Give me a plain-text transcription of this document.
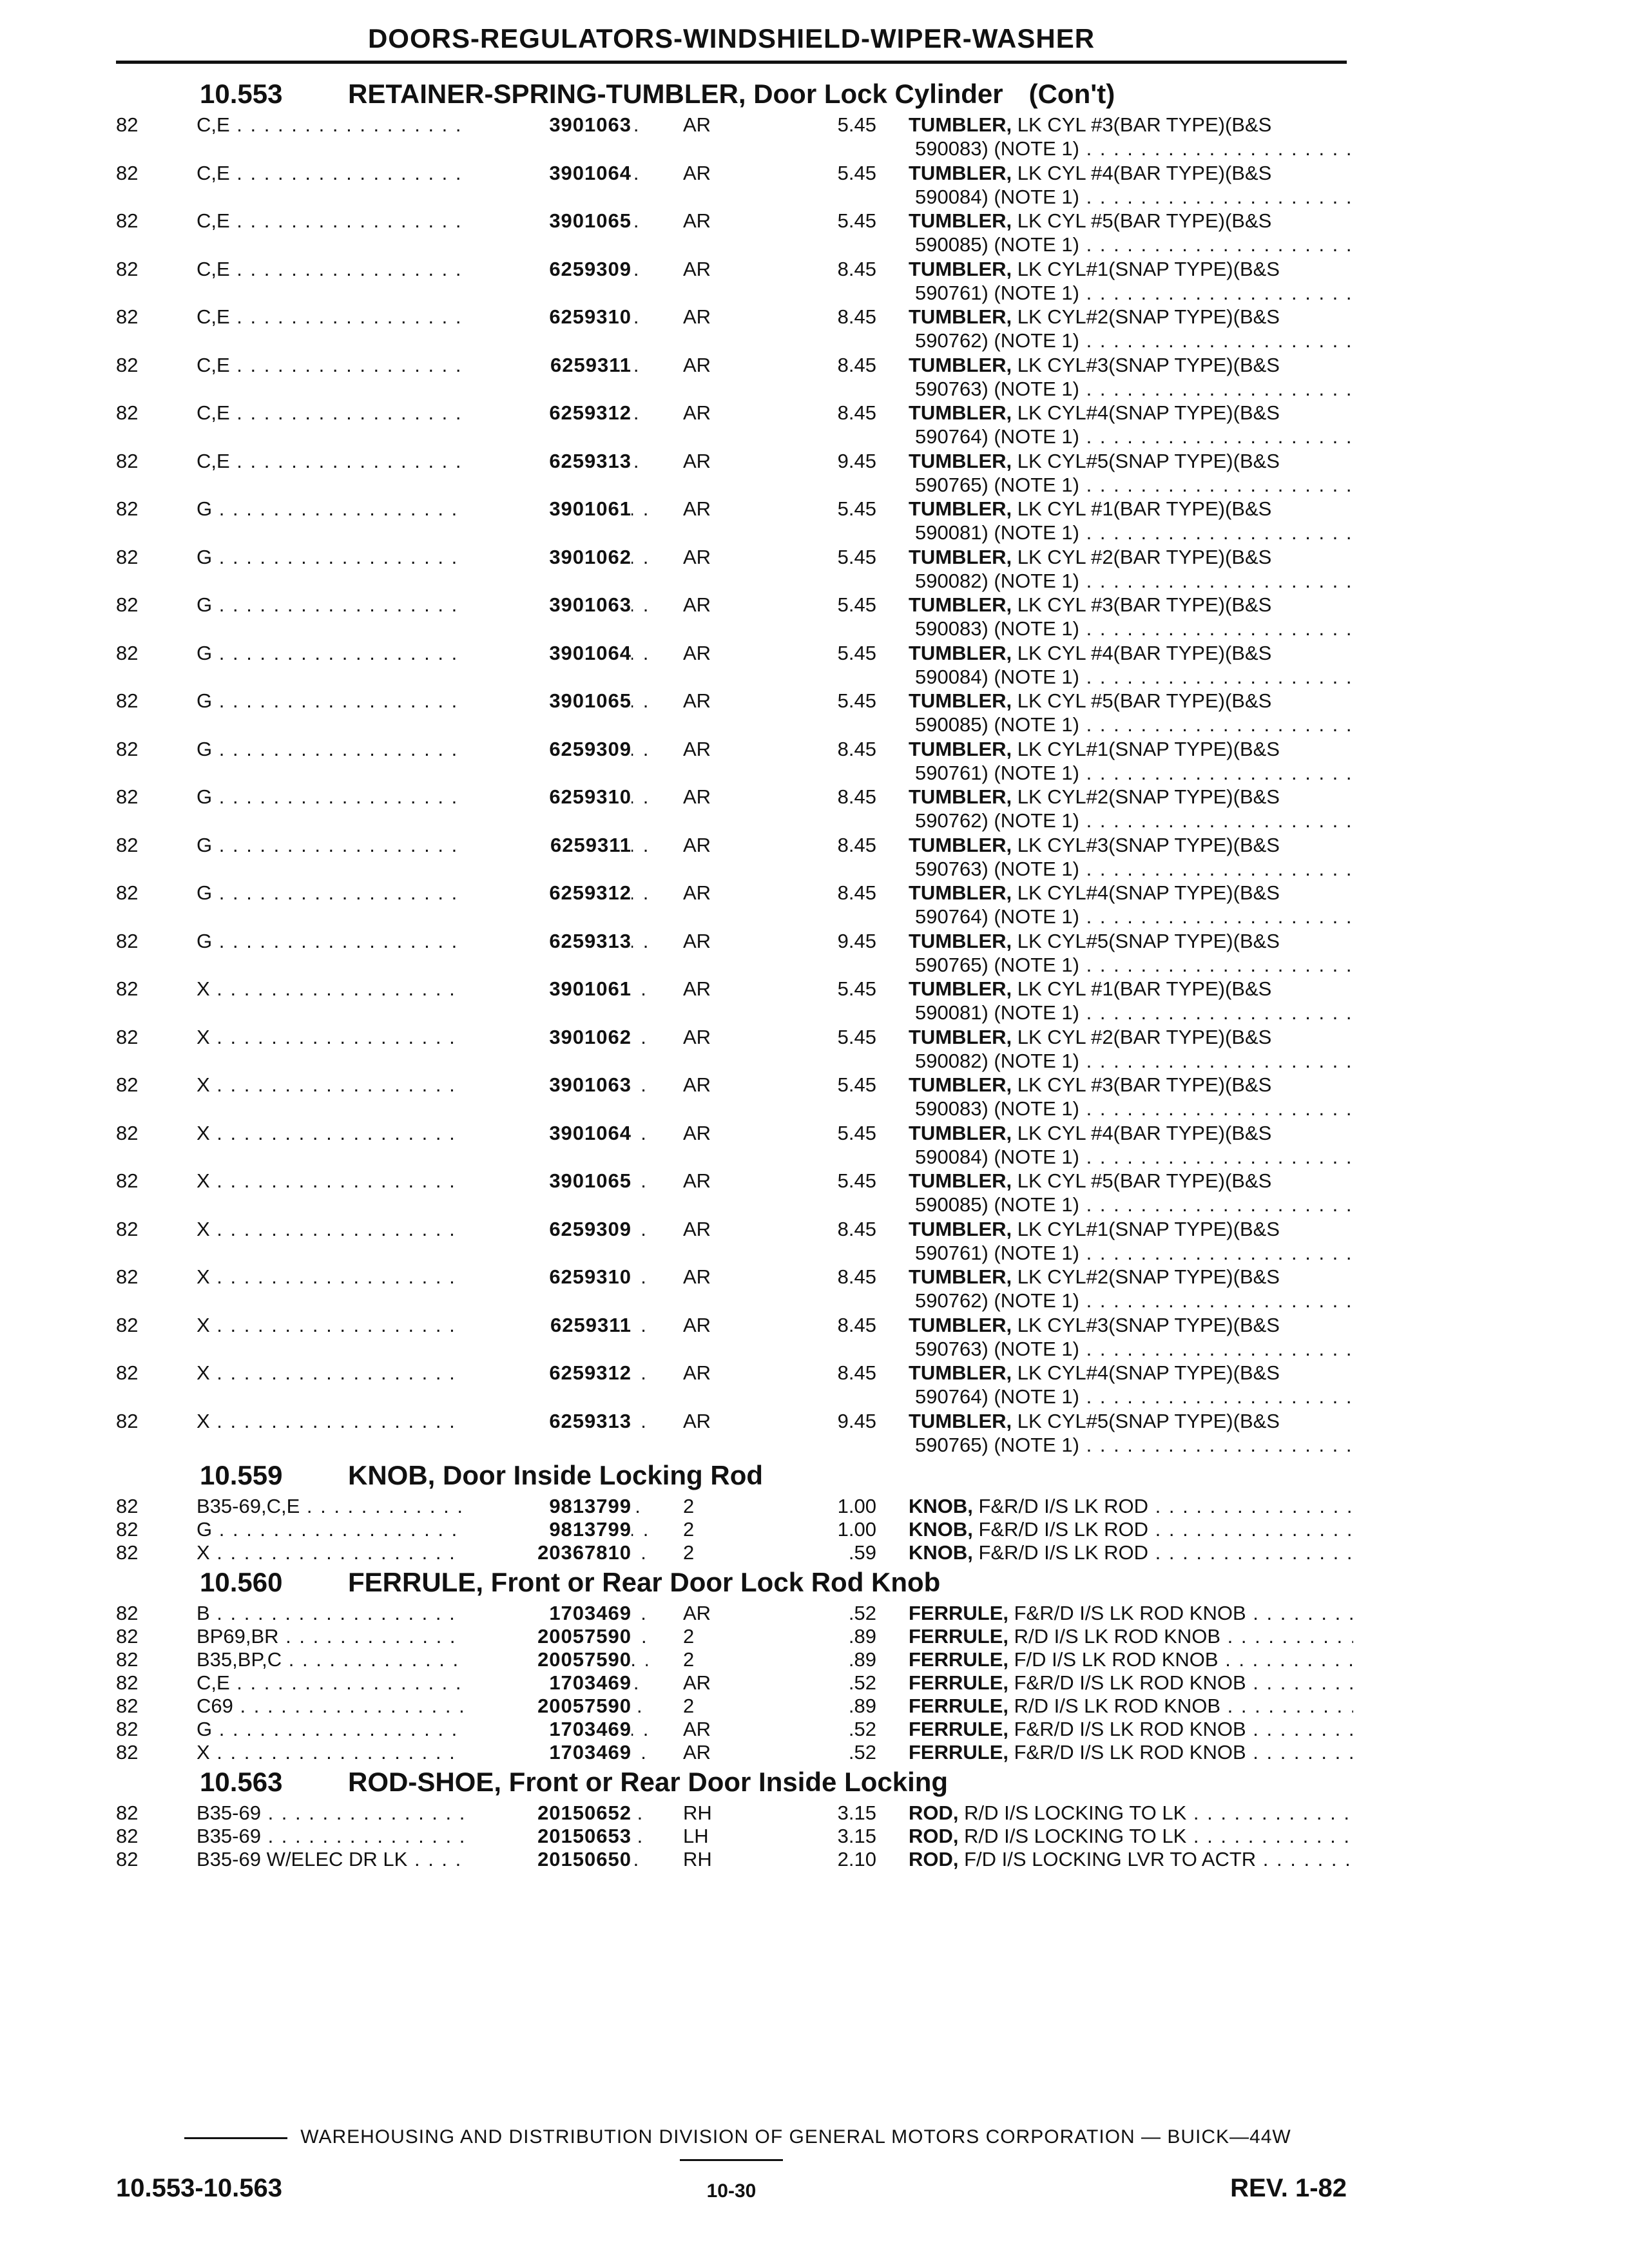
DOORS-REGULATORS-WINDSHIELD-WIPER-WASHER
10.553 RETAINER-SPRING-TUMBLER, Door Lock Cylinder (Con't)
82	C,E . . .	3901063	AR	5.45 TUMBLER, LK CYL #3(BAR TYPE)(B&S
590083) (NOTE 1) . . .
82	C,E . . .	3901064	AR	5.45 TUMBLER, LK CYL #4(BAR TYPE)(B&S
590084) (NOTE 1) . . .
82	C,E . . .	3901065	AR	5.45 TUMBLER, LK CYL #5(BAR TYPE)(B&S
590085) (NOTE 1) . . .
82	C,E . . .	6259309	AR	8.45 TUMBLER, LK CYL#1(SNAP TYPE)(B&S
590761) (NOTE 1) . . .
82	C,E . . .	6259310	AR	8.45 TUMBLER, LK CYL#2(SNAP TYPE)(B&S
590762) (NOTE 1) . . .
82	C,E . . .	6259311	AR	8.45 TUMBLER, LK CYL#3(SNAP TYPE)(B&S
590763) (NOTE 1) . . .
82	C,E . . .	6259312	AR	8.45 TUMBLER, LK CYL#4(SNAP TYPE)(B&S
590764) (NOTE 1) . . .
82	C,E . . .	6259313	AR	9.45 TUMBLER, LK CYL#5(SNAP TYPE)(B&S
590765) (NOTE 1) . . .
82	G . . .	3901061	AR	5.45 TUMBLER, LK CYL #1(BAR TYPE)(B&S
590081) (NOTE 1) . . .
82	G . . .	3901062	AR	5.45 TUMBLER, LK CYL #2(BAR TYPE)(B&S
590082) (NOTE 1) . . .
82	G . . .	3901063	AR	5.45 TUMBLER, LK CYL #3(BAR TYPE)(B&S
590083) (NOTE 1) . . .
82	G . . .	3901064	AR	5.45 TUMBLER, LK CYL #4(BAR TYPE)(B&S
590084) (NOTE 1) . . .
82	G . . .	3901065	AR	5.45 TUMBLER, LK CYL #5(BAR TYPE)(B&S
590085) (NOTE 1) . . .
82	G . . .	6259309	AR	8.45 TUMBLER, LK CYL#1(SNAP TYPE)(B&S
590761) (NOTE 1) . . .
82	G . . .	6259310	AR	8.45 TUMBLER, LK CYL#2(SNAP TYPE)(B&S
590762) (NOTE 1) . . .
82	G . . .	6259311	AR	8.45 TUMBLER, LK CYL#3(SNAP TYPE)(B&S
590763) (NOTE 1) . . .
82	G . . .	6259312	AR	8.45 TUMBLER, LK CYL#4(SNAP TYPE)(B&S
590764) (NOTE 1) . . .
82	G . . .	6259313	AR	9.45 TUMBLER, LK CYL#5(SNAP TYPE)(B&S
590765) (NOTE 1) . . .
82	X . . .	3901061	AR	5.45 TUMBLER, LK CYL #1(BAR TYPE)(B&S
590081) (NOTE 1) . . .
82	X . . .	3901062	AR	5.45 TUMBLER, LK CYL #2(BAR TYPE)(B&S
590082) (NOTE 1) . . .
82	X . . .	3901063	AR	5.45 TUMBLER, LK CYL #3(BAR TYPE)(B&S
590083) (NOTE 1) . . .
82	X . . .	3901064	AR	5.45 TUMBLER, LK CYL #4(BAR TYPE)(B&S
590084) (NOTE 1) . . .
82	X . . .	3901065	AR	5.45 TUMBLER, LK CYL #5(BAR TYPE)(B&S
590085) (NOTE 1) . . .
82	X . . .	6259309	AR	8.45 TUMBLER, LK CYL#1(SNAP TYPE)(B&S
590761) (NOTE 1) . . .
82	X . . .	6259310	AR	8.45 TUMBLER, LK CYL#2(SNAP TYPE)(B&S
590762) (NOTE 1) . . .
82	X . . .	6259311	AR	8.45 TUMBLER, LK CYL#3(SNAP TYPE)(B&S
590763) (NOTE 1) . . .
82	X . . .	6259312	AR	8.45 TUMBLER, LK CYL#4(SNAP TYPE)(B&S
590764) (NOTE 1) . . .
82	X . . .	6259313	AR	9.45 TUMBLER, LK CYL#5(SNAP TYPE)(B&S
590765) (NOTE 1) . . .
10.559 KNOB, Door Inside Locking Rod
82	B35-69,C,E . . .	9813799	2	1.00 KNOB, F&R/D I/S LK ROD . . .
82	G . . .	9813799	2	1.00 KNOB, F&R/D I/S LK ROD . . .
82	X . . .	20367810	2	.59 KNOB, F&R/D I/S LK ROD . . .
10.560 FERRULE, Front or Rear Door Lock Rod Knob
82	B . . .	1703469	AR	.52 FERRULE, F&R/D I/S LK ROD KNOB . . .
82	BP69,BR . . .	20057590	2	.89 FERRULE, R/D I/S LK ROD KNOB . . .
82	B35,BP,C . . .	20057590	2	.89 FERRULE, F/D I/S LK ROD KNOB . . .
82	C,E . . .	1703469	AR	.52 FERRULE, F&R/D I/S LK ROD KNOB . . .
82	C69 . . .	20057590	2	.89 FERRULE, R/D I/S LK ROD KNOB . . .
82	G . . .	1703469	AR	.52 FERRULE, F&R/D I/S LK ROD KNOB . . .
82	X . . .	1703469	AR	.52 FERRULE, F&R/D I/S LK ROD KNOB . . .
10.563 ROD-SHOE, Front or Rear Door Inside Locking
82	B35-69 . . .	20150652	RH	3.15 ROD, R/D I/S LOCKING TO LK . . .
82	B35-69 . . .	20150653	LH	3.15 ROD, R/D I/S LOCKING TO LK . . .
82	B35-69 W/ELEC DR LK . . .	20150650	RH	2.10 ROD, F/D I/S LOCKING LVR TO ACTR . . .
WAREHOUSING AND DISTRIBUTION DIVISION OF GENERAL MOTORS CORPORATION — BUICK—44W
10.553-10.563	10-30	REV. 1-82
